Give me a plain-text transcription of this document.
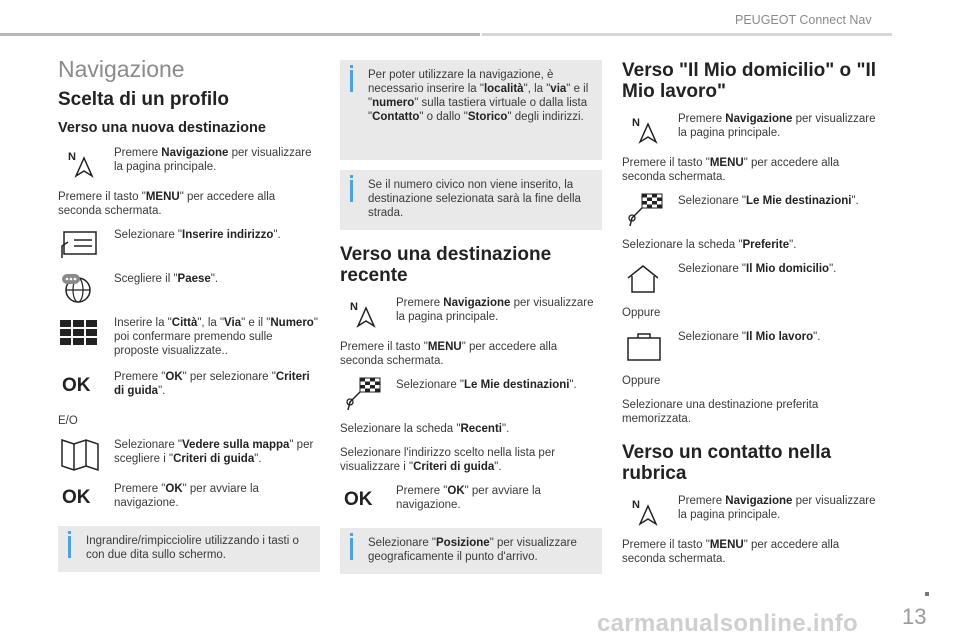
PEUGEOT Connect Nav
13
carmanualsonline.info
Navigazione
Scelta di un profilo
Verso una nuova destinazione
N	Premere Navigazione per visualizzare la pagina principale.

Premere il tasto "MENU" per accedere alla seconda schermata.

Selezionare "Inserire indirizzo".
Scegliere il "Paese".
Inserire la "Città", la "Via" e il "Numero" poi confermare premendo sulle proposte visualizzate..
OK Premere "OK" per selezionare "Criteri di guida".

E/O

Selezionare "Vedere sulla mappa" per scegliere i "Criteri di guida".
OK Premere "OK" per avviare la navigazione.
Ingrandire/rimpicciolire utilizzando i tasti o con due dita sullo schermo.
Per poter utilizzare la navigazione, è necessario inserire la "località", la "via" e il "numero" sulla tastiera virtuale o dalla lista "Contatto" o dallo "Storico" degli indirizzi.
Se il numero civico non viene inserito, la destinazione selezionata sarà la fine della strada.
Verso una destinazione recente
N	Premere Navigazione per visualizzare la pagina principale.

Premere il tasto "MENU" per accedere alla seconda schermata.

Selezionare "Le Mie destinazioni".

Selezionare la scheda "Recenti".

Selezionare l'indirizzo scelto nella lista per visualizzare i "Criteri di guida".

OK Premere "OK" per avviare la navigazione.
Selezionare "Posizione" per visualizzare geograficamente il punto d'arrivo.
Verso "Il Mio domicilio" o "Il Mio lavoro"
N	Premere Navigazione per visualizzare la pagina principale.

Premere il tasto "MENU" per accedere alla seconda schermata.

Selezionare "Le Mie destinazioni".

Selezionare la scheda "Preferite".

Selezionare "Il Mio domicilio".

Oppure

Selezionare "Il Mio lavoro".

Oppure

Selezionare una destinazione preferita memorizzata.

Verso un contatto nella rubrica
N	Premere Navigazione per visualizzare la pagina principale.

Premere il tasto "MENU" per accedere alla seconda schermata.
